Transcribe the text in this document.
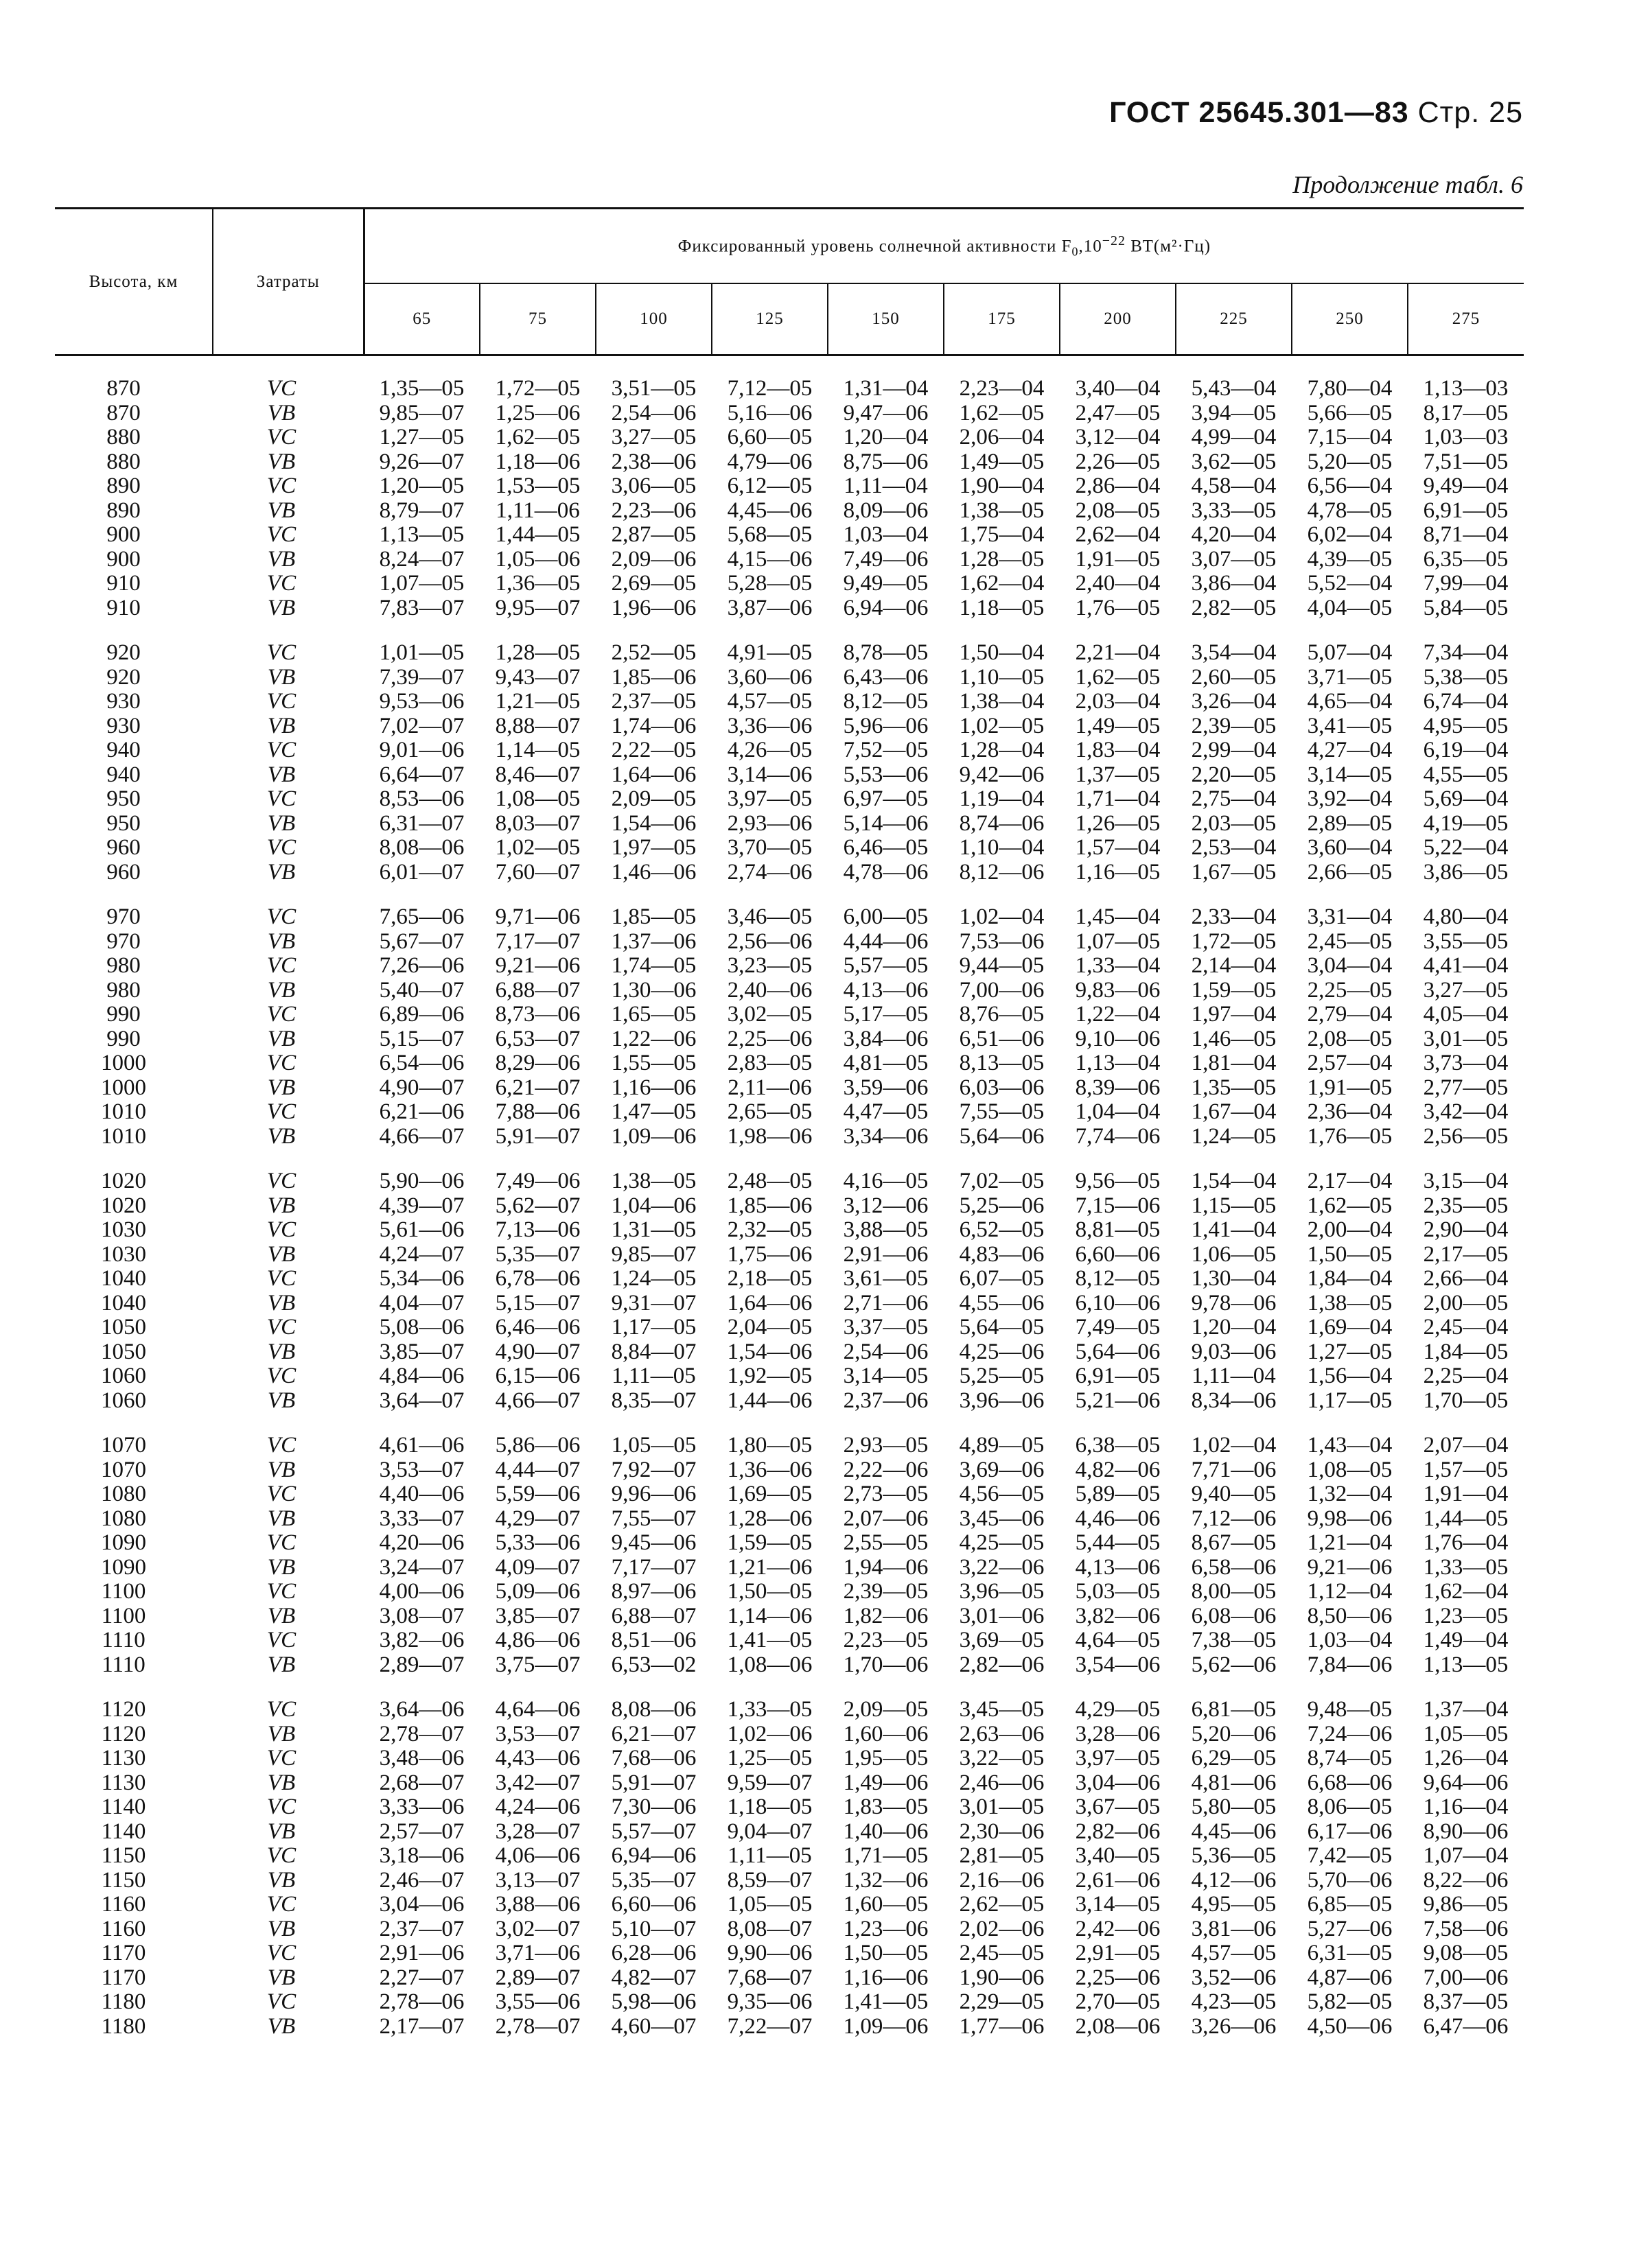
ГОСТ 25645.301—83 Стр. 25
Продолжение табл. 6
Высота, км	Затраты	Фиксированный уровень солнечной активности $F_0,10^{-22}$ ВТ(м²·Гц)									
		65	75	100	125	150	175	200	225	250	275

870	VC	1,35—05	1,72—05	3,51—05	7,12—05	1,31—04	2,23—04	3,40—04	5,43—04	7,80—04	1,13—03
870	VB	9,85—07	1,25—06	2,54—06	5,16—06	9,47—06	1,62—05	2,47—05	3,94—05	5,66—05	8,17—05
880	VC	1,27—05	1,62—05	3,27—05	6,60—05	1,20—04	2,06—04	3,12—04	4,99—04	7,15—04	1,03—03
880	VB	9,26—07	1,18—06	2,38—06	4,79—06	8,75—06	1,49—05	2,26—05	3,62—05	5,20—05	7,51—05
890	VC	1,20—05	1,53—05	3,06—05	6,12—05	1,11—04	1,90—04	2,86—04	4,58—04	6,56—04	9,49—04
890	VB	8,79—07	1,11—06	2,23—06	4,45—06	8,09—06	1,38—05	2,08—05	3,33—05	4,78—05	6,91—05
900	VC	1,13—05	1,44—05	2,87—05	5,68—05	1,03—04	1,75—04	2,62—04	4,20—04	6,02—04	8,71—04
900	VB	8,24—07	1,05—06	2,09—06	4,15—06	7,49—06	1,28—05	1,91—05	3,07—05	4,39—05	6,35—05
910	VC	1,07—05	1,36—05	2,69—05	5,28—05	9,49—05	1,62—04	2,40—04	3,86—04	5,52—04	7,99—04
910	VB	7,83—07	9,95—07	1,96—06	3,87—06	6,94—06	1,18—05	1,76—05	2,82—05	4,04—05	5,84—05

920	VC	1,01—05	1,28—05	2,52—05	4,91—05	8,78—05	1,50—04	2,21—04	3,54—04	5,07—04	7,34—04
920	VB	7,39—07	9,43—07	1,85—06	3,60—06	6,43—06	1,10—05	1,62—05	2,60—05	3,71—05	5,38—05
930	VC	9,53—06	1,21—05	2,37—05	4,57—05	8,12—05	1,38—04	2,03—04	3,26—04	4,65—04	6,74—04
930	VB	7,02—07	8,88—07	1,74—06	3,36—06	5,96—06	1,02—05	1,49—05	2,39—05	3,41—05	4,95—05
940	VC	9,01—06	1,14—05	2,22—05	4,26—05	7,52—05	1,28—04	1,83—04	2,99—04	4,27—04	6,19—04
940	VB	6,64—07	8,46—07	1,64—06	3,14—06	5,53—06	9,42—06	1,37—05	2,20—05	3,14—05	4,55—05
950	VC	8,53—06	1,08—05	2,09—05	3,97—05	6,97—05	1,19—04	1,71—04	2,75—04	3,92—04	5,69—04
950	VB	6,31—07	8,03—07	1,54—06	2,93—06	5,14—06	8,74—06	1,26—05	2,03—05	2,89—05	4,19—05
960	VC	8,08—06	1,02—05	1,97—05	3,70—05	6,46—05	1,10—04	1,57—04	2,53—04	3,60—04	5,22—04
960	VB	6,01—07	7,60—07	1,46—06	2,74—06	4,78—06	8,12—06	1,16—05	1,67—05	2,66—05	3,86—05

970	VC	7,65—06	9,71—06	1,85—05	3,46—05	6,00—05	1,02—04	1,45—04	2,33—04	3,31—04	4,80—04
970	VB	5,67—07	7,17—07	1,37—06	2,56—06	4,44—06	7,53—06	1,07—05	1,72—05	2,45—05	3,55—05
980	VC	7,26—06	9,21—06	1,74—05	3,23—05	5,57—05	9,44—05	1,33—04	2,14—04	3,04—04	4,41—04
980	VB	5,40—07	6,88—07	1,30—06	2,40—06	4,13—06	7,00—06	9,83—06	1,59—05	2,25—05	3,27—05
990	VC	6,89—06	8,73—06	1,65—05	3,02—05	5,17—05	8,76—05	1,22—04	1,97—04	2,79—04	4,05—04
990	VB	5,15—07	6,53—07	1,22—06	2,25—06	3,84—06	6,51—06	9,10—06	1,46—05	2,08—05	3,01—05
1000	VC	6,54—06	8,29—06	1,55—05	2,83—05	4,81—05	8,13—05	1,13—04	1,81—04	2,57—04	3,73—04
1000	VB	4,90—07	6,21—07	1,16—06	2,11—06	3,59—06	6,03—06	8,39—06	1,35—05	1,91—05	2,77—05
1010	VC	6,21—06	7,88—06	1,47—05	2,65—05	4,47—05	7,55—05	1,04—04	1,67—04	2,36—04	3,42—04
1010	VB	4,66—07	5,91—07	1,09—06	1,98—06	3,34—06	5,64—06	7,74—06	1,24—05	1,76—05	2,56—05

1020	VC	5,90—06	7,49—06	1,38—05	2,48—05	4,16—05	7,02—05	9,56—05	1,54—04	2,17—04	3,15—04
1020	VB	4,39—07	5,62—07	1,04—06	1,85—06	3,12—06	5,25—06	7,15—06	1,15—05	1,62—05	2,35—05
1030	VC	5,61—06	7,13—06	1,31—05	2,32—05	3,88—05	6,52—05	8,81—05	1,41—04	2,00—04	2,90—04
1030	VB	4,24—07	5,35—07	9,85—07	1,75—06	2,91—06	4,83—06	6,60—06	1,06—05	1,50—05	2,17—05
1040	VC	5,34—06	6,78—06	1,24—05	2,18—05	3,61—05	6,07—05	8,12—05	1,30—04	1,84—04	2,66—04
1040	VB	4,04—07	5,15—07	9,31—07	1,64—06	2,71—06	4,55—06	6,10—06	9,78—06	1,38—05	2,00—05
1050	VC	5,08—06	6,46—06	1,17—05	2,04—05	3,37—05	5,64—05	7,49—05	1,20—04	1,69—04	2,45—04
1050	VB	3,85—07	4,90—07	8,84—07	1,54—06	2,54—06	4,25—06	5,64—06	9,03—06	1,27—05	1,84—05
1060	VC	4,84—06	6,15—06	1,11—05	1,92—05	3,14—05	5,25—05	6,91—05	1,11—04	1,56—04	2,25—04
1060	VB	3,64—07	4,66—07	8,35—07	1,44—06	2,37—06	3,96—06	5,21—06	8,34—06	1,17—05	1,70—05

1070	VC	4,61—06	5,86—06	1,05—05	1,80—05	2,93—05	4,89—05	6,38—05	1,02—04	1,43—04	2,07—04
1070	VB	3,53—07	4,44—07	7,92—07	1,36—06	2,22—06	3,69—06	4,82—06	7,71—06	1,08—05	1,57—05
1080	VC	4,40—06	5,59—06	9,96—06	1,69—05	2,73—05	4,56—05	5,89—05	9,40—05	1,32—04	1,91—04
1080	VB	3,33—07	4,29—07	7,55—07	1,28—06	2,07—06	3,45—06	4,46—06	7,12—06	9,98—06	1,44—05
1090	VC	4,20—06	5,33—06	9,45—06	1,59—05	2,55—05	4,25—05	5,44—05	8,67—05	1,21—04	1,76—04
1090	VB	3,24—07	4,09—07	7,17—07	1,21—06	1,94—06	3,22—06	4,13—06	6,58—06	9,21—06	1,33—05
1100	VC	4,00—06	5,09—06	8,97—06	1,50—05	2,39—05	3,96—05	5,03—05	8,00—05	1,12—04	1,62—04
1100	VB	3,08—07	3,85—07	6,88—07	1,14—06	1,82—06	3,01—06	3,82—06	6,08—06	8,50—06	1,23—05
1110	VC	3,82—06	4,86—06	8,51—06	1,41—05	2,23—05	3,69—05	4,64—05	7,38—05	1,03—04	1,49—04
1110	VB	2,89—07	3,75—07	6,53—02	1,08—06	1,70—06	2,82—06	3,54—06	5,62—06	7,84—06	1,13—05

1120	VC	3,64—06	4,64—06	8,08—06	1,33—05	2,09—05	3,45—05	4,29—05	6,81—05	9,48—05	1,37—04
1120	VB	2,78—07	3,53—07	6,21—07	1,02—06	1,60—06	2,63—06	3,28—06	5,20—06	7,24—06	1,05—05
1130	VC	3,48—06	4,43—06	7,68—06	1,25—05	1,95—05	3,22—05	3,97—05	6,29—05	8,74—05	1,26—04
1130	VB	2,68—07	3,42—07	5,91—07	9,59—07	1,49—06	2,46—06	3,04—06	4,81—06	6,68—06	9,64—06
1140	VC	3,33—06	4,24—06	7,30—06	1,18—05	1,83—05	3,01—05	3,67—05	5,80—05	8,06—05	1,16—04
1140	VB	2,57—07	3,28—07	5,57—07	9,04—07	1,40—06	2,30—06	2,82—06	4,45—06	6,17—06	8,90—06
1150	VC	3,18—06	4,06—06	6,94—06	1,11—05	1,71—05	2,81—05	3,40—05	5,36—05	7,42—05	1,07—04
1150	VB	2,46—07	3,13—07	5,35—07	8,59—07	1,32—06	2,16—06	2,61—06	4,12—06	5,70—06	8,22—06
1160	VC	3,04—06	3,88—06	6,60—06	1,05—05	1,60—05	2,62—05	3,14—05	4,95—05	6,85—05	9,86—05
1160	VB	2,37—07	3,02—07	5,10—07	8,08—07	1,23—06	2,02—06	2,42—06	3,81—06	5,27—06	7,58—06
1170	VC	2,91—06	3,71—06	6,28—06	9,90—06	1,50—05	2,45—05	2,91—05	4,57—05	6,31—05	9,08—05
1170	VB	2,27—07	2,89—07	4,82—07	7,68—07	1,16—06	1,90—06	2,25—06	3,52—06	4,87—06	7,00—06
1180	VC	2,78—06	3,55—06	5,98—06	9,35—06	1,41—05	2,29—05	2,70—05	4,23—05	5,82—05	8,37—05
1180	VB	2,17—07	2,78—07	4,60—07	7,22—07	1,09—06	1,77—06	2,08—06	3,26—06	4,50—06	6,47—06
